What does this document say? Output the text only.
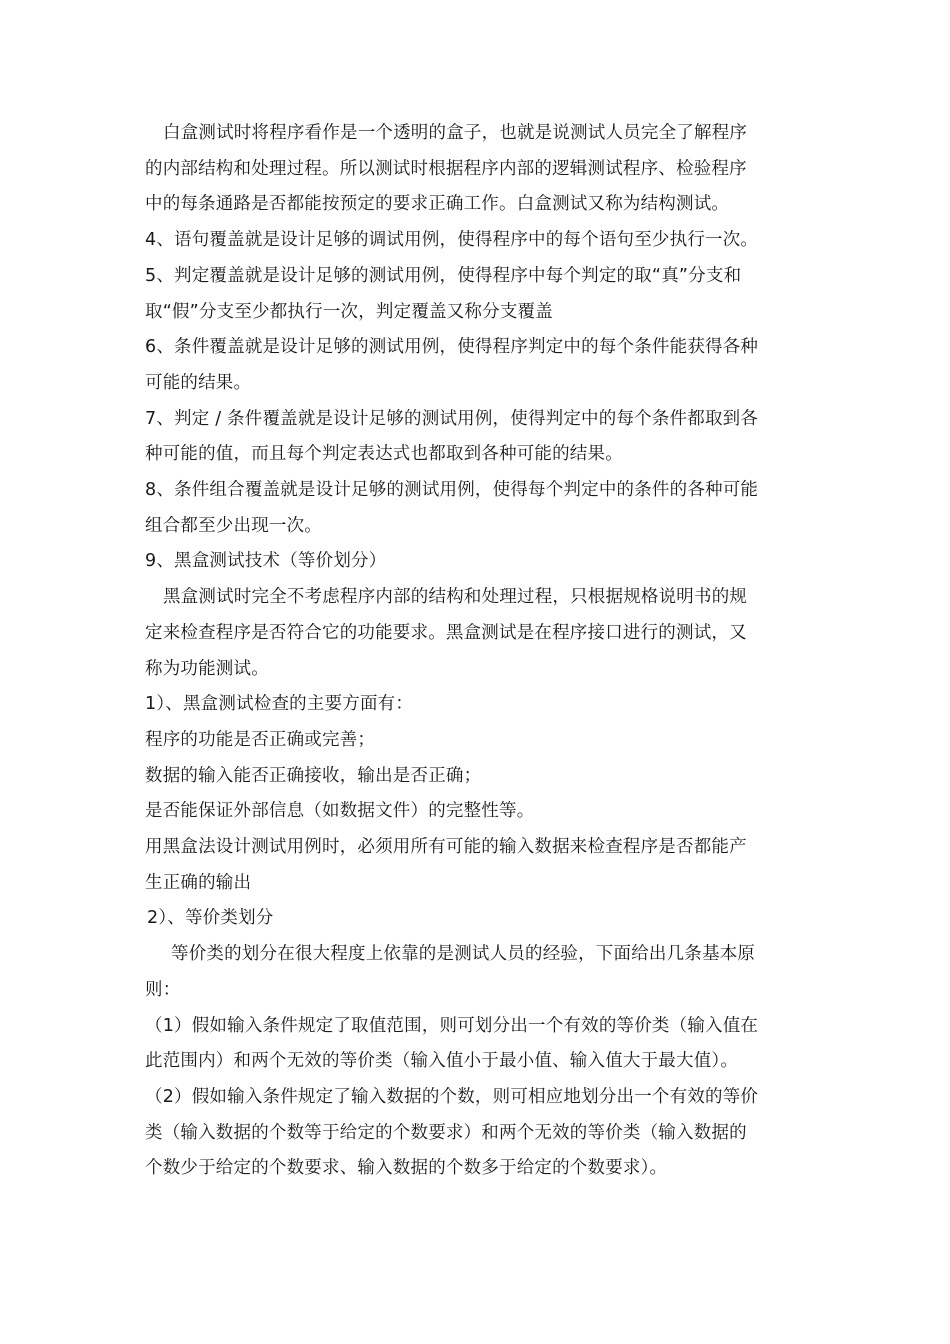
白盒测试时将程序看作是一个透明的盒子，也就是说测试人员完全了解程序
的内部结构和处理过程。所以测试时根据程序内部的逻辑测试程序、检验程序
中的每条通路是否都能按预定的要求正确工作。白盒测试又称为结构测试。
4、语句覆盖就是设计足够的调试用例，使得程序中的每个语句至少执行一次。
5、判定覆盖就是设计足够的测试用例，使得程序中每个判定的取“真”分支和
取“假”分支至少都执行一次，判定覆盖又称分支覆盖
6、条件覆盖就是设计足够的测试用例，使得程序判定中的每个条件能获得各种
可能的结果。
7、判定 / 条件覆盖就是设计足够的测试用例，使得判定中的每个条件都取到各
种可能的值，而且每个判定表达式也都取到各种可能的结果。
8、条件组合覆盖就是设计足够的测试用例，使得每个判定中的条件的各种可能
组合都至少出现一次。
9、黑盒测试技术（等价划分）
黑盒测试时完全不考虑程序内部的结构和处理过程，只根据规格说明书的规
定来检查程序是否符合它的功能要求。黑盒测试是在程序接口进行的测试，又
称为功能测试。
1）、黑盒测试检查的主要方面有：
程序的功能是否正确或完善；
数据的输入能否正确接收，输出是否正确；
是否能保证外部信息（如数据文件）的完整性等。
用黑盒法设计测试用例时，必须用所有可能的输入数据来检查程序是否都能产
生正确的输出
2）、等价类划分
等价类的划分在很大程度上依靠的是测试人员的经验，下面给出几条基本原
则：
（1）假如输入条件规定了取值范围，则可划分出一个有效的等价类（输入值在
此范围内）和两个无效的等价类（输入值小于最小值、输入值大于最大值）。
（2）假如输入条件规定了输入数据的个数，则可相应地划分出一个有效的等价
类（输入数据的个数等于给定的个数要求）和两个无效的等价类（输入数据的
个数少于给定的个数要求、输入数据的个数多于给定的个数要求）。
